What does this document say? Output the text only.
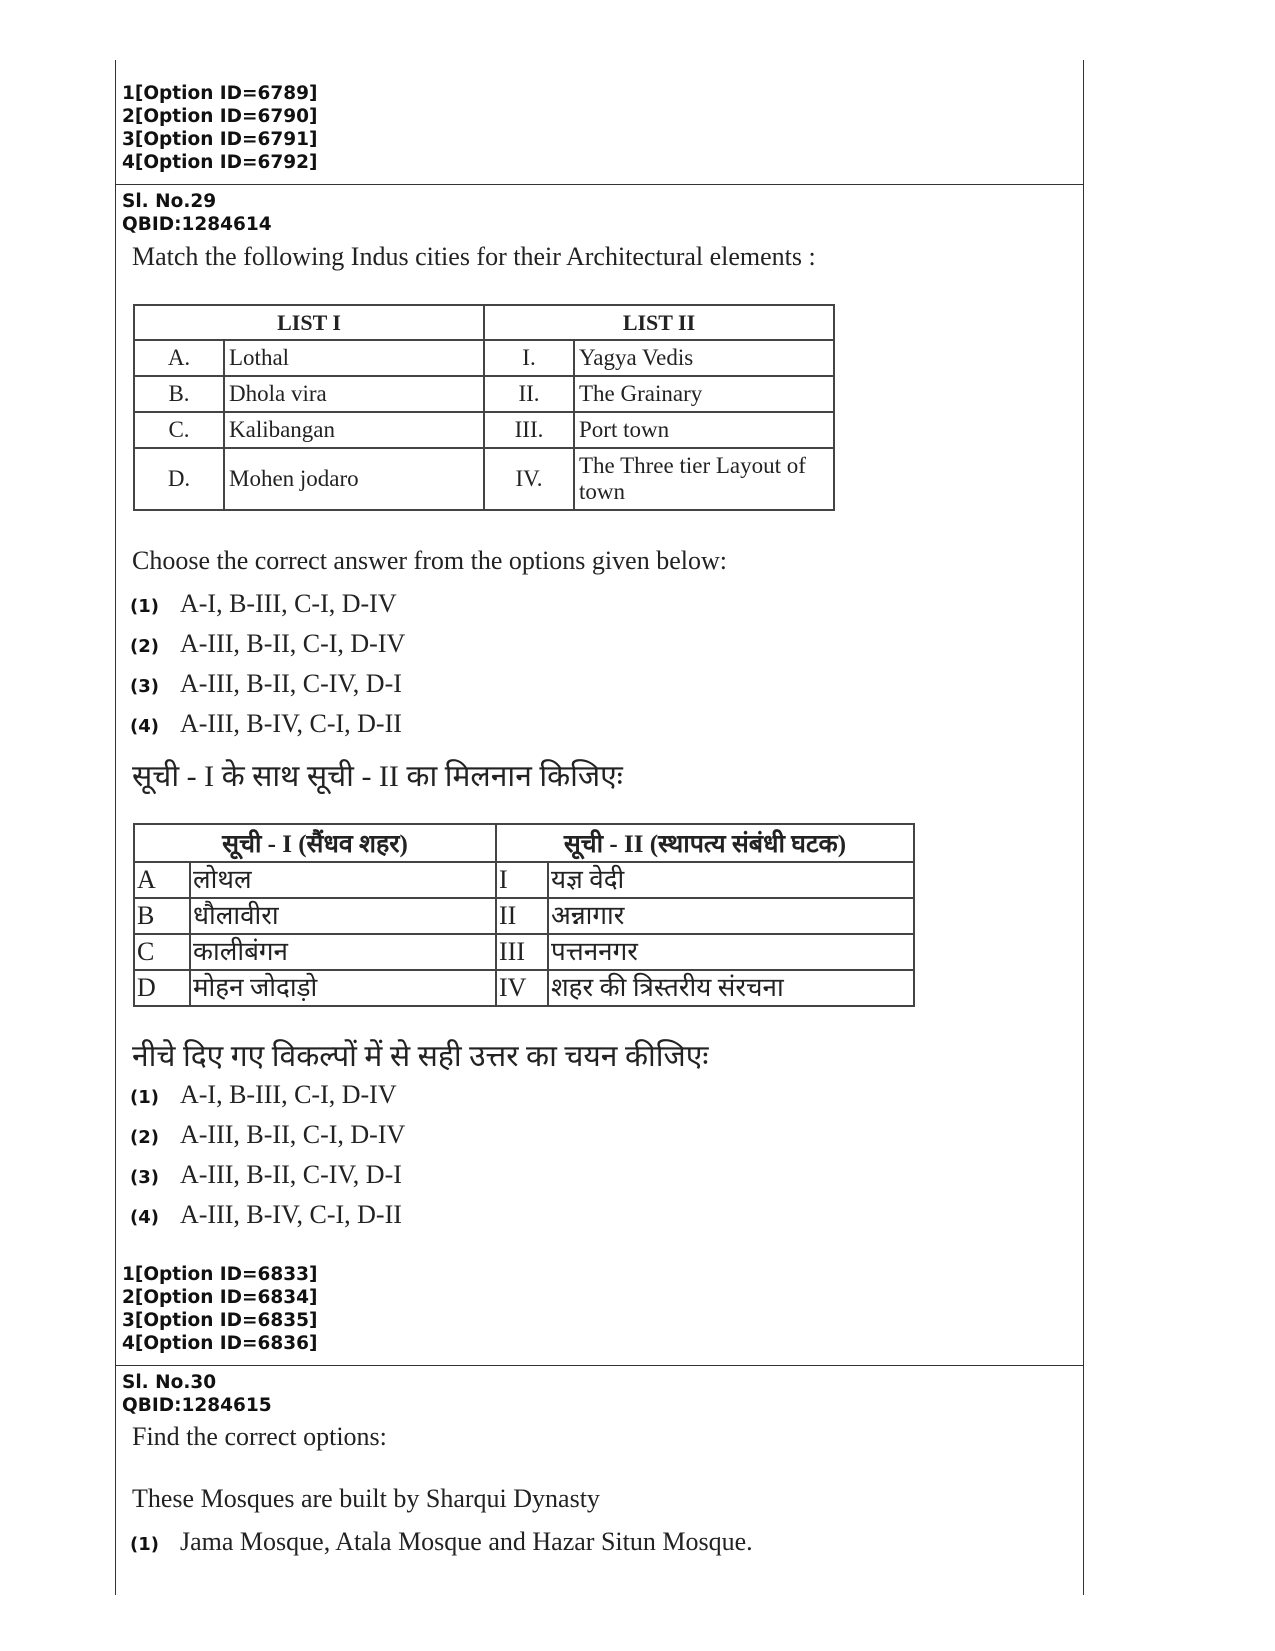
1[Option ID=6789]
2[Option ID=6790]
3[Option ID=6791]
4[Option ID=6792]
Sl. No.29
QBID:1284614
Match the following Indus cities for their Architectural elements :
LIST I		LIST II	
A.	Lothal	I.	Yagya Vedis
B.	Dhola vira	II.	The Grainary
C.	Kalibangan	III.	Port town
D.	Mohen jodaro	IV.	The Three tier Layout of town
Choose the correct answer from the options given below:
(1) A-I, B-III, C-I, D-IV
(2) A-III, B-II, C-I, D-IV
(3) A-III, B-II, C-IV, D-I
(4) A-III, B-IV, C-I, D-II
सूची - I के साथ सूची - II का मिलनान किजिएः
सूची - I (सैंधव शहर)		सूची - II (स्थापत्य संबंधी घटक)	
A	लोथल	I	यज्ञ वेदी
B	धौलावीरा	II	अन्नागार
C	कालीबंगन	III	पत्तननगर
D	मोहन जोदाड़ो	IV	शहर की त्रिस्तरीय संरचना
नीचे दिए गए विकल्पों में से सही उत्तर का चयन कीजिएः
(1) A-I, B-III, C-I, D-IV
(2) A-III, B-II, C-I, D-IV
(3) A-III, B-II, C-IV, D-I
(4) A-III, B-IV, C-I, D-II
1[Option ID=6833]
2[Option ID=6834]
3[Option ID=6835]
4[Option ID=6836]
Sl. No.30
QBID:1284615
Find the correct options:
These Mosques are built by Sharqui Dynasty
(1) Jama Mosque, Atala Mosque and Hazar Situn Mosque.
